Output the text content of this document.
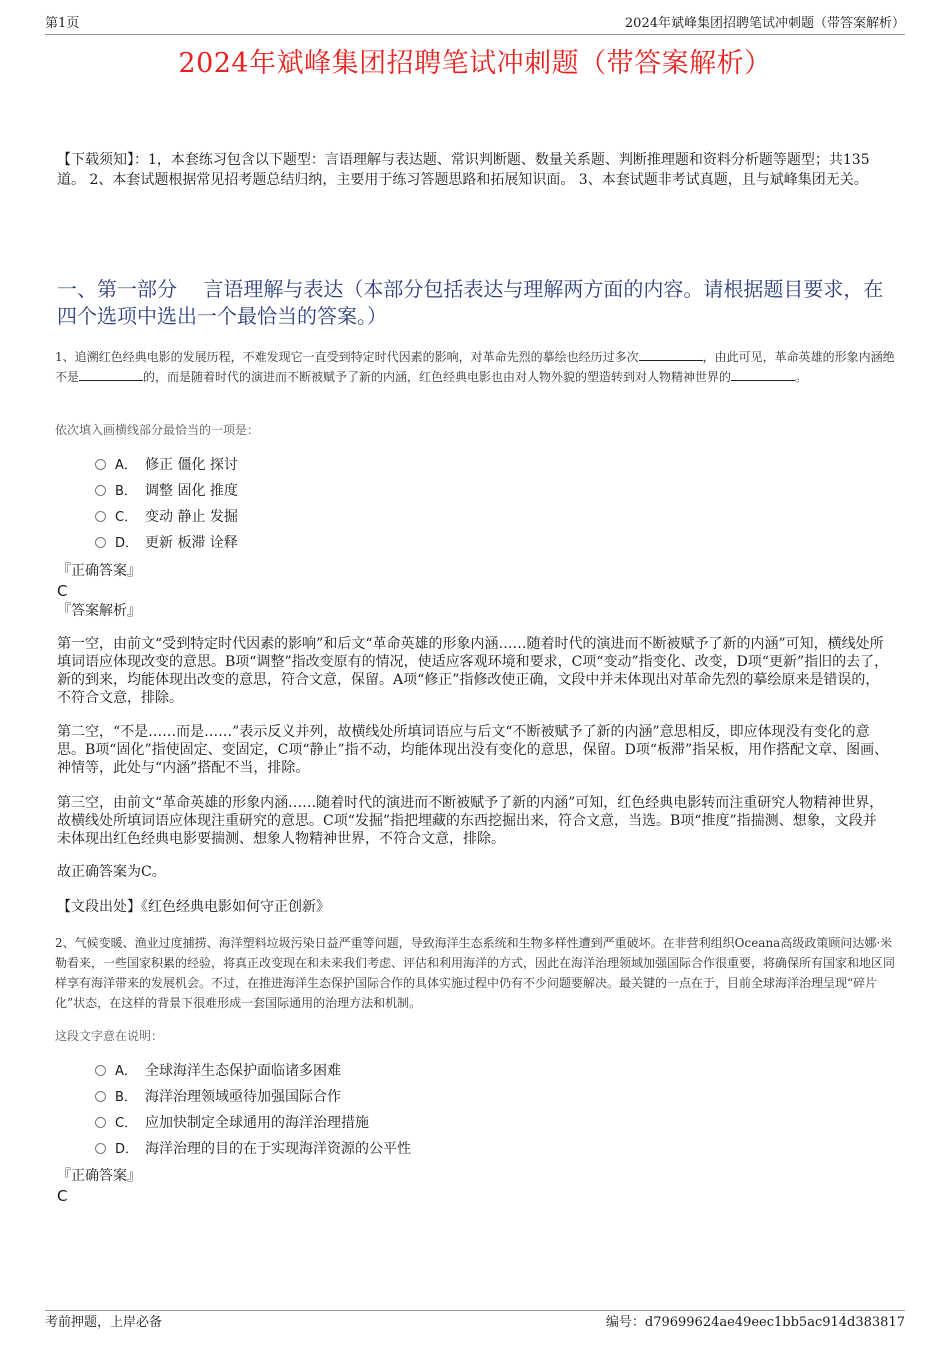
第1页	2024年斌峰集团招聘笔试冲刺题（带答案解析）
2024年斌峰集团招聘笔试冲刺题（带答案解析）
【下载须知】：1，本套练习包含以下题型：言语理解与表达题、常识判断题、数量关系题、判断推理题和资料分析题等题型；共135道。 2、本套试题根据常见招考题总结归纳，主要用于练习答题思路和拓展知识面。 3、本套试题非考试真题，且与斌峰集团无关。
一、第一部分　 言语理解与表达（本部分包括表达与理解两方面的内容。请根据题目要求，在四个选项中选出一个最恰当的答案。）
1、追溯红色经典电影的发展历程，不难发现它一直受到特定时代因素的影响，对革命先烈的摹绘也经历过多次	，由此可见，革命英雄的形象内涵绝不是	的，而是随着时代的演进而不断被赋予了新的内涵，红色经典电影也由对人物外貌的塑造转到对人物精神世界的	。
依次填入画横线部分最恰当的一项是：
A． 修正 僵化 探讨
B． 调整 固化 推度
C． 变动 静止 发掘
D． 更新 板滞 诠释
『正确答案』
C
『答案解析』
第一空，由前文“受到特定时代因素的影响”和后文“革命英雄的形象内涵……随着时代的演进而不断被赋予了新的内涵”可知，横线处所填词语应体现改变的意思。B项“调整”指改变原有的情况，使适应客观环境和要求，C项“变动”指变化、改变，D项“更新”指旧的去了，新的到来，均能体现出改变的意思，符合文意，保留。A项“修正”指修改使正确，文段中并未体现出对革命先烈的摹绘原来是错误的，不符合文意，排除。
第二空，“不是……而是……”表示反义并列，故横线处所填词语应与后文“不断被赋予了新的内涵”意思相反，即应体现没有变化的意思。B项“固化”指使固定、变固定，C项“静止”指不动，均能体现出没有变化的意思，保留。D项“板滞”指呆板，用作搭配文章、图画、神情等，此处与“内涵”搭配不当，排除。
第三空，由前文“革命英雄的形象内涵……随着时代的演进而不断被赋予了新的内涵”可知，红色经典电影转而注重研究人物精神世界，故横线处所填词语应体现注重研究的意思。C项“发掘”指把埋藏的东西挖掘出来，符合文意，当选。B项“推度”指揣测、想象，文段并未体现出红色经典电影要揣测、想象人物精神世界，不符合文意，排除。
故正确答案为C。
【文段出处】《红色经典电影如何守正创新》
2、气候变暖、渔业过度捕捞、海洋塑料垃圾污染日益严重等问题，导致海洋生态系统和生物多样性遭到严重破坏。在非营利组织Oceana高级政策顾问达娜·米勒看来，一些国家积累的经验，将真正改变现在和未来我们考虑、评估和利用海洋的方式，因此在海洋治理领域加强国际合作很重要，将确保所有国家和地区同样享有海洋带来的发展机会。不过，在推进海洋生态保护国际合作的具体实施过程中仍有不少问题要解决。最关键的一点在于，目前全球海洋治理呈现“碎片化”状态，在这样的背景下很难形成一套国际通用的治理方法和机制。
这段文字意在说明：
A． 全球海洋生态保护面临诸多困难
B． 海洋治理领域亟待加强国际合作
C． 应加快制定全球通用的海洋治理措施
D． 海洋治理的目的在于实现海洋资源的公平性
『正确答案』
C
考前押题，上岸必备	编号：d79699624ae49eec1bb5ac914d383817
